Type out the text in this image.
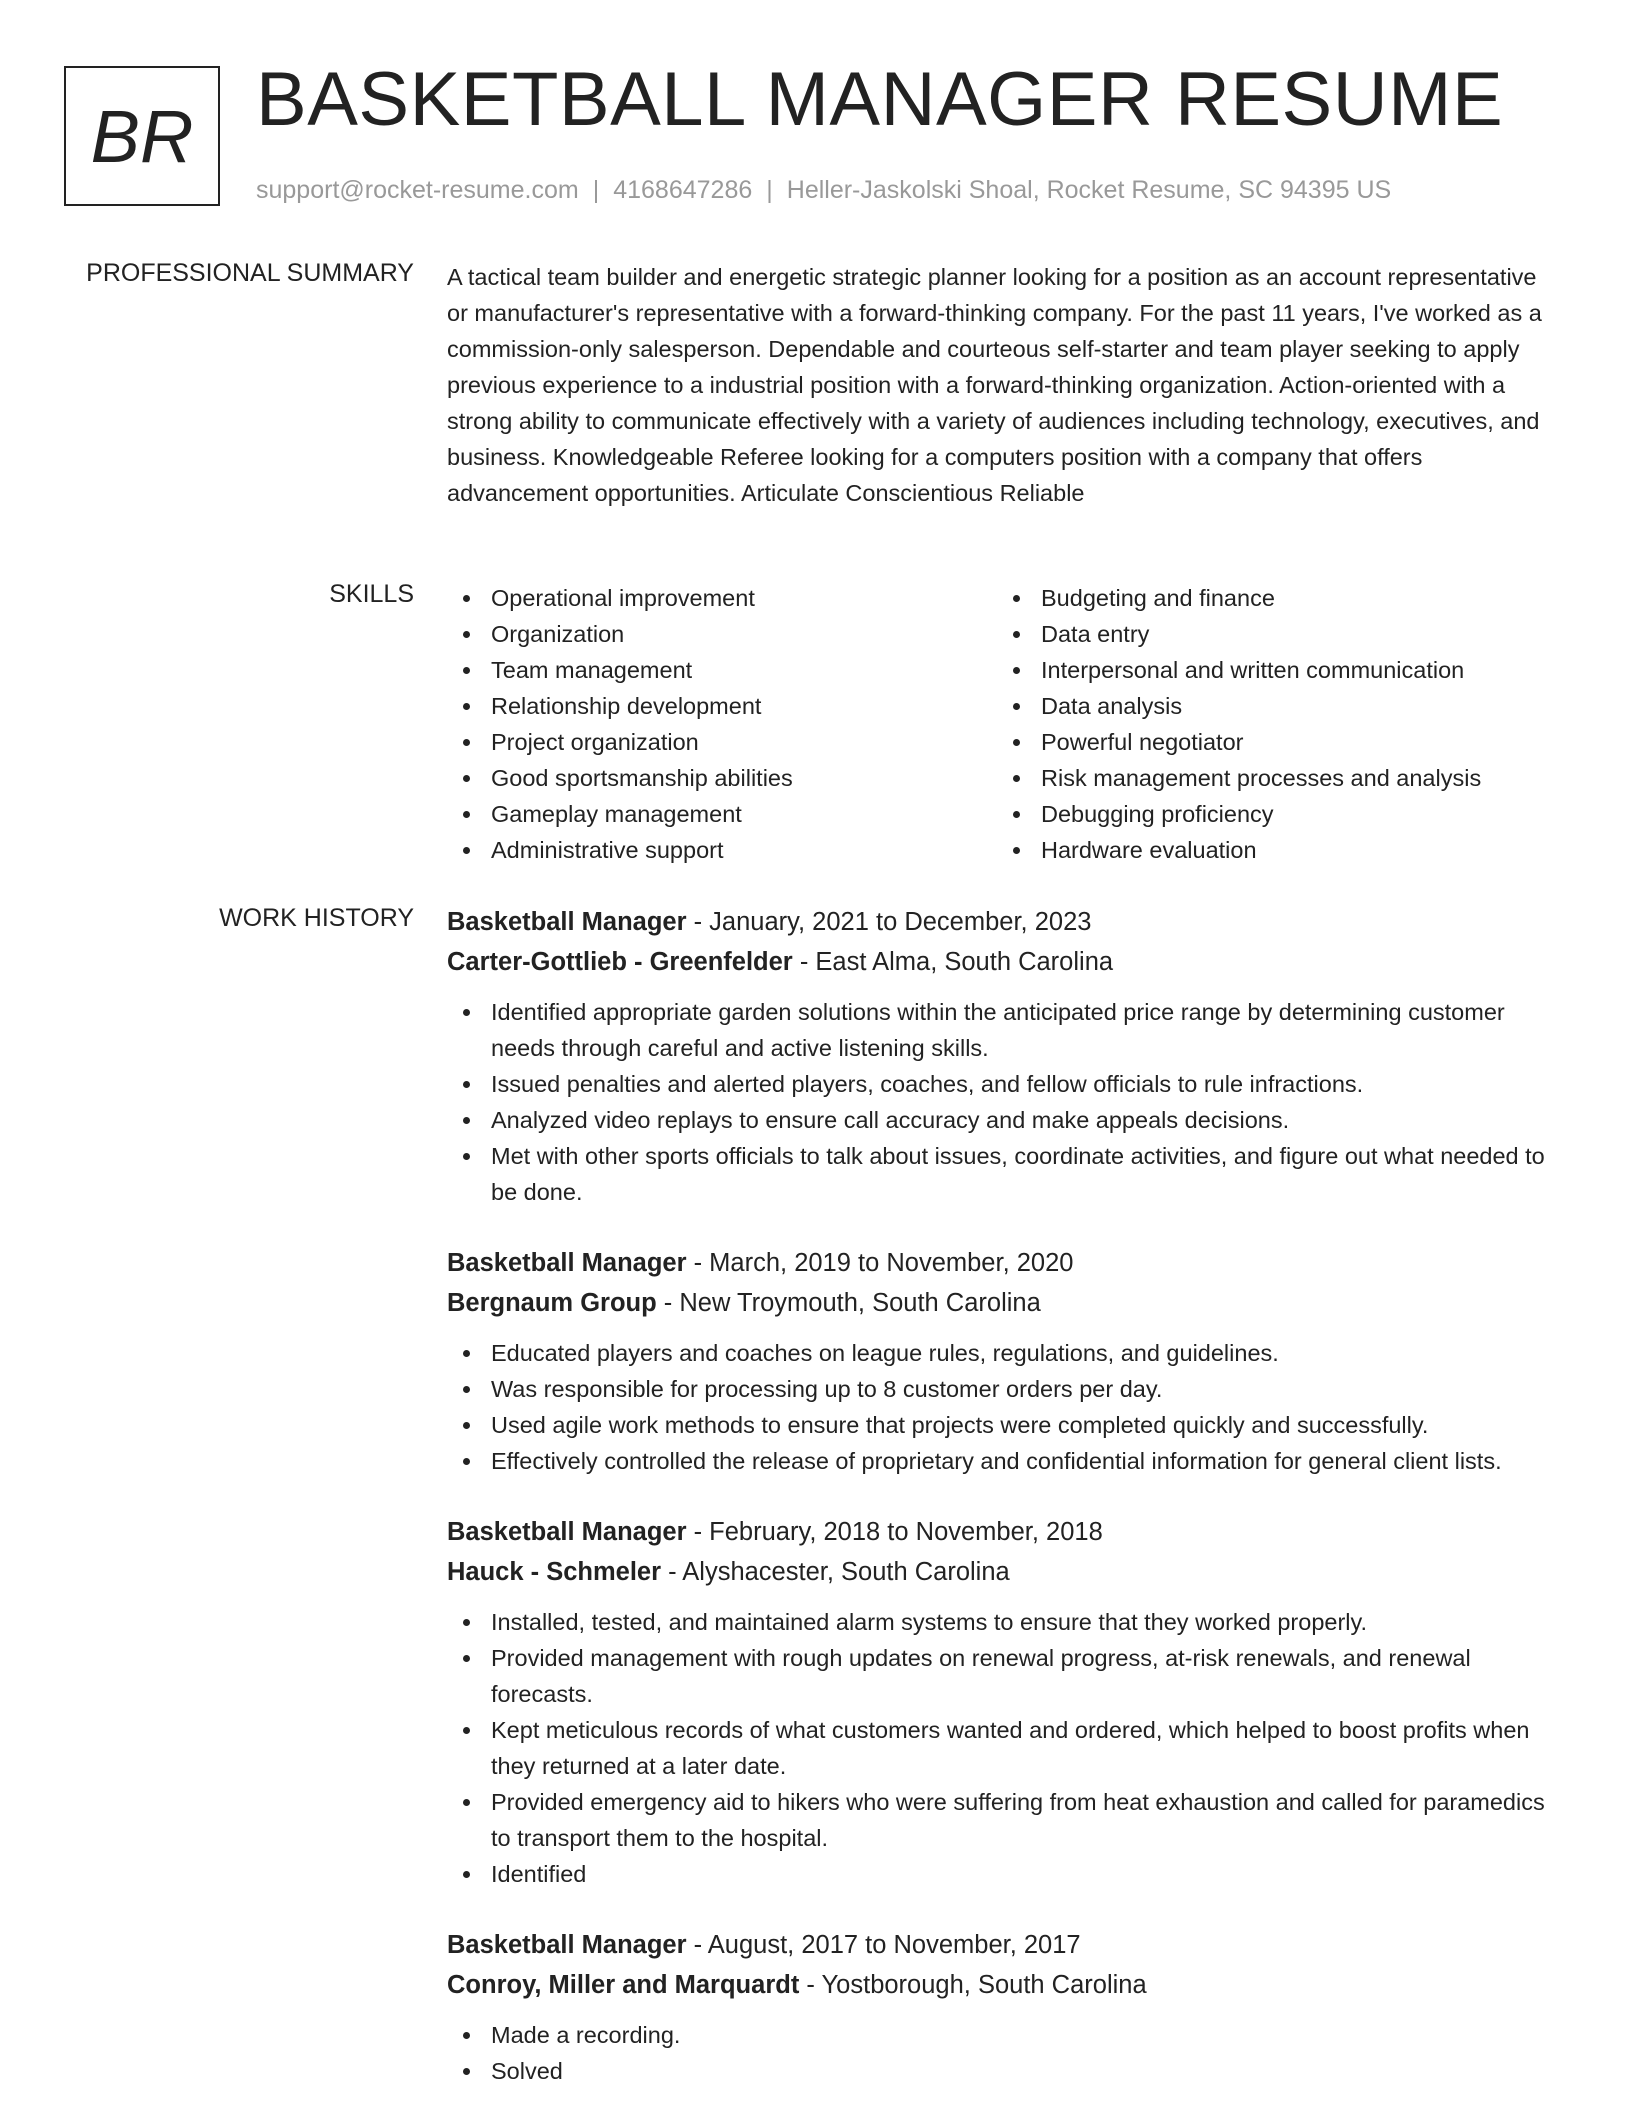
BR BASKETBALL MANAGER RESUME
support@rocket-resume.com | 4168647286 | Heller-Jaskolski Shoal, Rocket Resume, SC 94395 US
PROFESSIONAL SUMMARY A tactical team builder and energetic strategic planner looking for a position as an account representative or manufacturer's representative with a forward-thinking company. For the past 11 years, I've worked as a commission-only salesperson. Dependable and courteous self-starter and team player seeking to apply previous experience to a industrial position with a forward-thinking organization. Action-oriented with a strong ability to communicate effectively with a variety of audiences including technology, executives, and business. Knowledgeable Referee looking for a computers position with a company that offers advancement opportunities. Articulate Conscientious Reliable

SKILLS	Operational improvement
Organization
Team management
Relationship development
Project organization
Good sportsmanship abilities
Gameplay management
Administrative support
Budgeting and finance
Data entry
Interpersonal and written communication
Data analysis
Powerful negotiator
Risk management processes and analysis
Debugging proficiency
Hardware evaluation
WORK HISTORY Basketball Manager - January, 2021 to December, 2023
Carter-Gottlieb - Greenfelder - East Alma, South Carolina
Identified appropriate garden solutions within the anticipated price range by determining customer needs through careful and active listening skills.
Issued penalties and alerted players, coaches, and fellow officials to rule infractions.
Analyzed video replays to ensure call accuracy and make appeals decisions.
Met with other sports officials to talk about issues, coordinate activities, and figure out what needed to be done.
Basketball Manager - March, 2019 to November, 2020
Bergnaum Group - New Troymouth, South Carolina
Educated players and coaches on league rules, regulations, and guidelines.
Was responsible for processing up to 8 customer orders per day.
Used agile work methods to ensure that projects were completed quickly and successfully.
Effectively controlled the release of proprietary and confidential information for general client lists.
Basketball Manager - February, 2018 to November, 2018
Hauck - Schmeler - Alyshacester, South Carolina
Installed, tested, and maintained alarm systems to ensure that they worked properly.
Provided management with rough updates on renewal progress, at-risk renewals, and renewal forecasts.
Kept meticulous records of what customers wanted and ordered, which helped to boost profits when they returned at a later date.
Provided emergency aid to hikers who were suffering from heat exhaustion and called for paramedics to transport them to the hospital.
Identified
Basketball Manager - August, 2017 to November, 2017
Conroy, Miller and Marquardt - Yostborough, South Carolina
Made a recording.
Solved
